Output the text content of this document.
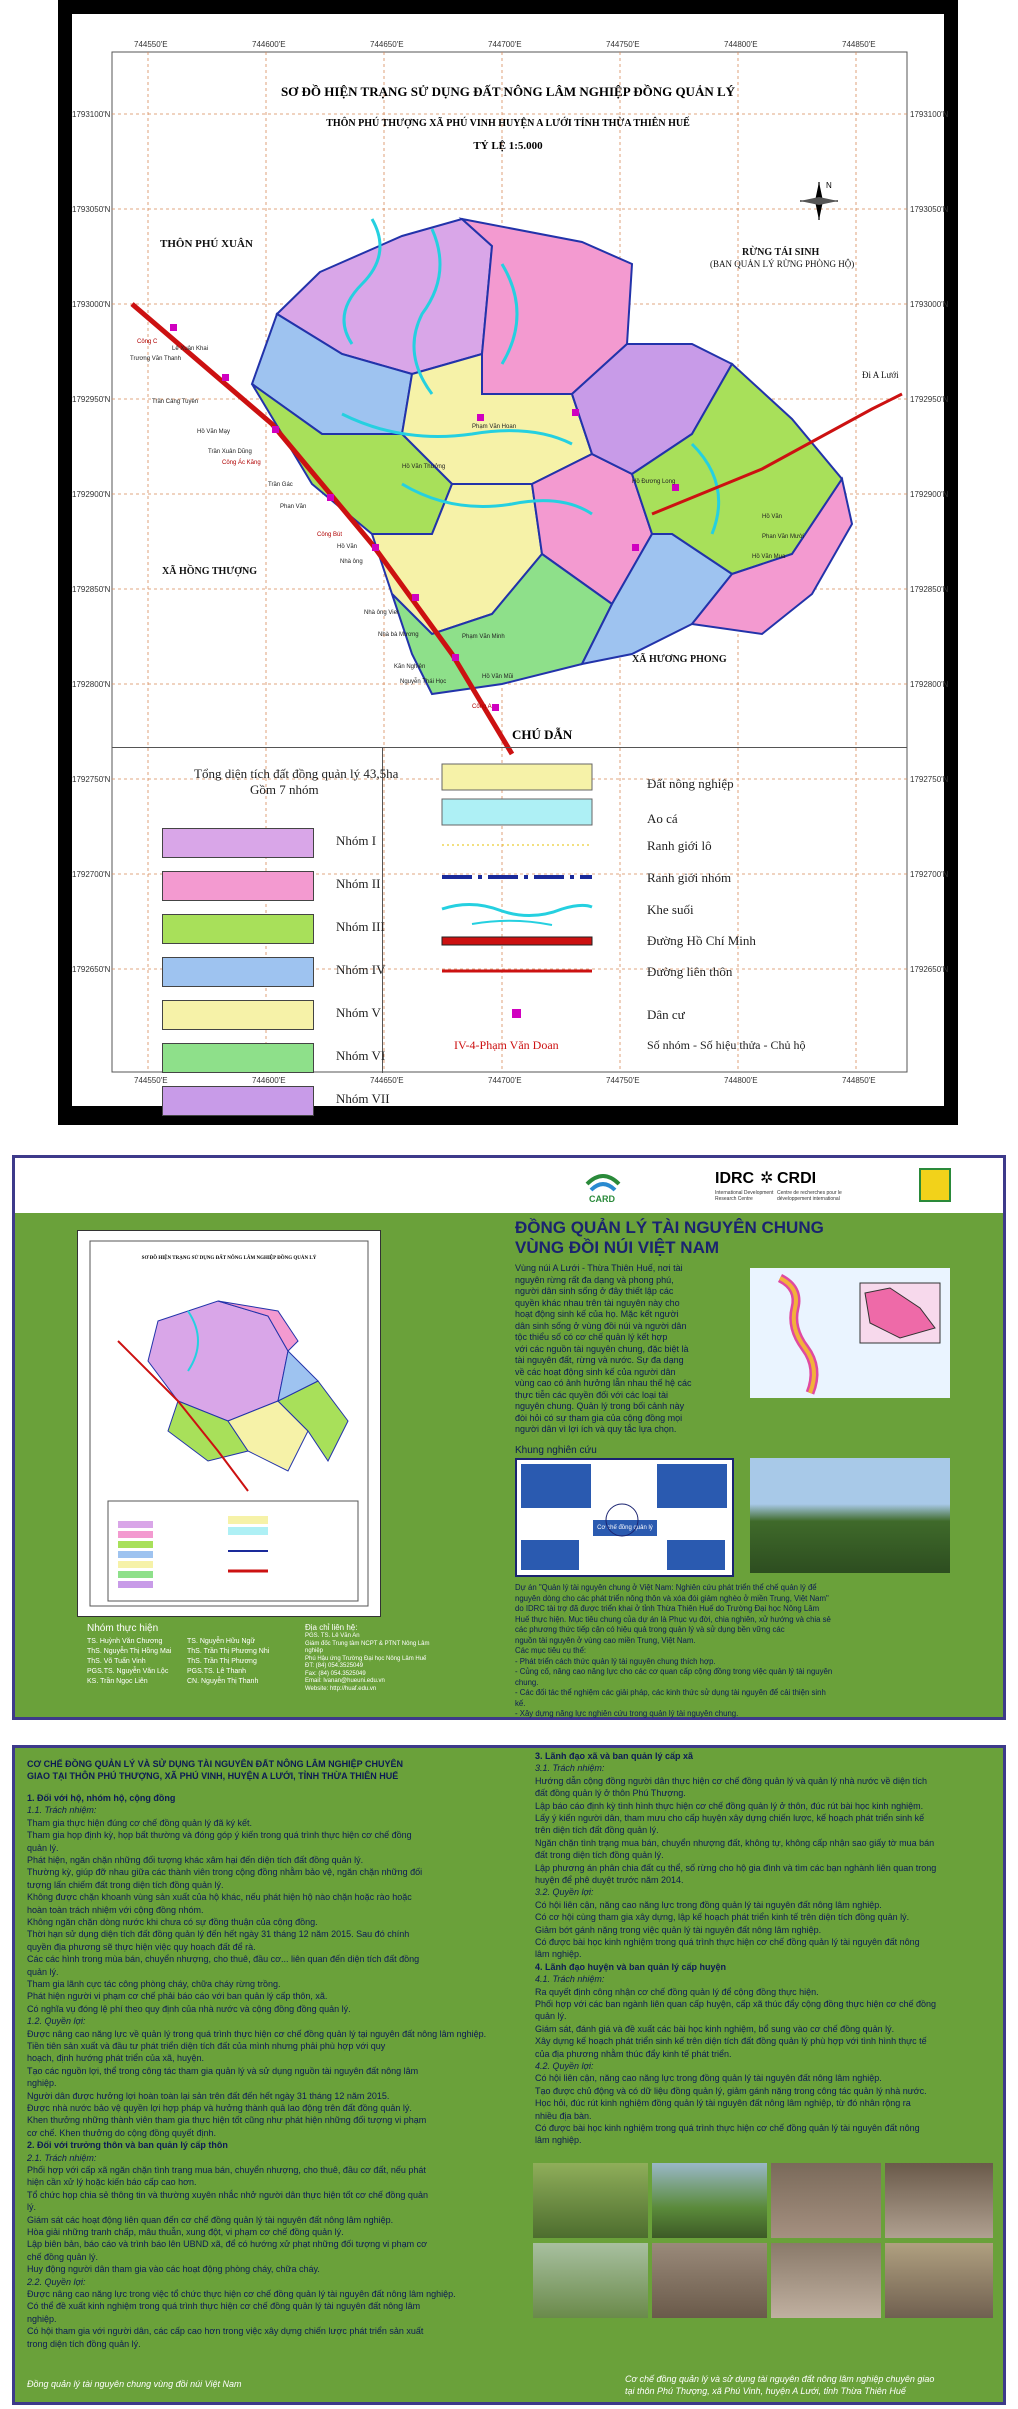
744550'E	744600'E	744650'E	744700'E	744750'E	744800'E	744850'E
744550'E	744600'E	744650'E	744700'E	744750'E	744800'E	744850'E
1793100'N
1793050'N
1793000'N
1792950'N
1792900'N
1792850'N
1792800'N
1792750'N
1792700'N
1792650'N
1793100'N
1793050'N
1793000'N
1792950'N
1792900'N
1792850'N
1792800'N
1792750'N
1792700'N
1792650'N
SƠ ĐỒ HIỆN TRẠNG SỬ DỤNG ĐẤT NÔNG LÂM NGHIỆP ĐỒNG QUẢN LÝ
THÔN PHÚ THƯỢNG XÃ PHÚ VINH HUYỆN A LƯỚI TỈNH THỪA THIÊN HUẾ
TỶ LỆ 1:5.000
N
THÔN PHÚ XUÂN
RỪNG TÁI SINH
(BAN QUẢN LÝ RỪNG PHÒNG HỘ)
XÃ HỒNG THƯỢNG
XÃ HƯƠNG PHONG
Đi A Lưới
Công C
Lê Xuân Khai
Trương Văn Thanh
Trần Cảng Tuyên
Hồ Văn Mạy
Trần Xuân Dũng
Công Ác Kăng
Trần Gác
Phan Văn
Công Bút
Hồ Văn
Nhà ông
Nhà ông Viet
Nhà bà Mương
Kăn Nghiên
Nguyễn Thái Học
Công A
Phạm Văn Hoan
Hồ Văn Thưởng
Phạm Văn Minh
Hồ Văn Mũi
Hồ Đương Long
Phan Văn Mười
Hồ Văn Mua
Hồ Văn
CHÚ DẪN
Tổng diện tích đất đồng quản lý 43,5ha
Gồm 7 nhóm
Nhóm I
Nhóm II
Nhóm III
Nhóm IV
Nhóm V
Nhóm VI
Nhóm VII
Đất nông nghiệp
Ao cá
Ranh giới lô
Ranh giới nhóm
Khe suối
Đường Hồ Chí Minh
Đường liên thôn
Dân cư
IV-4-Phạm Văn Doan	Số nhóm - Số hiệu thửa - Chủ hộ
CARD
IDRC ✲ CRDI
International Development Research Centre
Centre de recherches pour le développement international
SƠ ĐỒ HIỆN TRẠNG SỬ DỤNG ĐẤT NÔNG LÂM NGHIỆP ĐỒNG QUẢN LÝ
ĐỒNG QUẢN LÝ TÀI NGUYÊN CHUNG
VÙNG ĐỒI NÚI VIỆT NAM
Vùng núi A Lưới - Thừa Thiên Huế, nơi tài
nguyên rừng rất đa dạng và phong phú,
người dân sinh sống ở đây thiết lập các
quyền khác nhau trên tài nguyên này cho
hoạt động sinh kế của họ. Mặc kết người
dân sinh sống ở vùng đồi núi và người dân
tộc thiểu số có cơ chế quản lý kết hợp
với các nguồn tài nguyên chung, đặc biệt là
tài nguyên đất, rừng và nước. Sự đa dạng
về các hoạt động sinh kế của người dân
vùng cao có ảnh hưởng lẫn nhau thế hệ các
thực tiễn các quyền đối với các loại tài
nguyên chung. Quản lý trong bối cảnh này
đòi hỏi có sự tham gia của cộng đồng mọi
người dân vì lợi ích và quy tắc lựa chọn.
Khung nghiên cứu
Cơ chế đồng quản lý
Dự án "Quản lý tài nguyên chung ở Việt Nam: Nghiên cứu phát triển thể chế quản lý để
nguyên dòng cho các phát triển nông thôn và xóa đói giảm nghèo ở miền Trung, Việt Nam"
do IDRC tài trợ đã được triển khai ở tỉnh Thừa Thiên Huế do Trường Đại học Nông Lâm
Huế thực hiện. Mục tiêu chung của dự án là Phục vụ đời, chia nghiên, xử hướng và chia sẻ
các phương thức tiếp cận có hiệu quả trong quản lý và sử dụng bền vững các
nguồn tài nguyên ở vùng cao miền Trung, Việt Nam.
Các mục tiêu cụ thể:
- Phát triển cách thức quản lý tài nguyên chung thích hợp.
- Củng cố, nâng cao năng lực cho các cơ quan cấp cộng đồng trong việc quản lý tài nguyên
chung.
- Các đối tác thể nghiệm các giải pháp, các kinh thức sử dụng tài nguyên để cải thiện sinh
kế.
- Xây dựng năng lực nghiên cứu trong quản lý tài nguyên chung.
Nhóm thực hiện
TS. Huỳnh Văn Chương
ThS. Nguyễn Thị Hồng Mai
ThS. Võ Tuấn Vinh
PGS.TS. Nguyễn Văn Lộc
KS. Trần Ngọc Liên
TS. Nguyễn Hữu Ngữ
ThS. Trần Thị Phương Nhi
ThS. Trần Thị Phương
PGS.TS. Lê Thanh
CN. Nguyễn Thị Thanh
Địa chỉ liên hệ:
PGS. TS. Lê Văn An
Giám đốc Trung tâm NCPT & PTNT Nông Lâm
nghiệp
Phú Hậu ứng Trường Đại học Nông Lâm Huế
ĐT: (84) 054.3525049
Fax: (84) 054.3525049
Email: lvanan@hueuni.edu.vn
Website: http://huaf.edu.vn
CƠ CHẾ ĐỒNG QUẢN LÝ VÀ SỬ DỤNG TÀI NGUYÊN ĐẤT NÔNG LÂM NGHIỆP CHUYÊN
GIAO TẠI THÔN PHÚ THƯỢNG, XÃ PHÚ VINH, HUYỆN A LƯỚI, TỈNH THỪA THIÊN HUẾ
1. Đối với hộ, nhóm hộ, cộng đồng
1.1. Trách nhiệm:
Tham gia thực hiện đúng cơ chế đồng quản lý đã ký kết.
Tham gia họp định kỳ, họp bất thường và đóng góp ý kiến trong quá trình thực hiện cơ chế đồng
quản lý.
Phát hiện, ngăn chặn những đối tượng khác xâm hại đến diện tích đất đồng quản lý.
Thường kỳ, giúp đỡ nhau giữa các thành viên trong cộng đồng nhằm bảo vệ, ngăn chặn những đối
tượng lấn chiếm đất trong diện tích đồng quản lý.
Không được chặn khoanh vùng sản xuất của hộ khác, nếu phát hiện hộ nào chặn hoặc rào hoặc
hoàn toàn trách nhiệm với cộng đồng nhóm.
Không ngăn chặn dòng nước khi chưa có sự đồng thuận của cộng đồng.
Thời hạn sử dụng diện tích đất đồng quản lý đến hết ngày 31 tháng 12 năm 2015. Sau đó chính
quyền địa phương sẽ thực hiện việc quy hoạch đất để rà.
Các các hình trong mùa bán, chuyển nhượng, cho thuê, đầu cơ... liên quan đến diện tích đất đồng
quản lý.
Tham gia lãnh cực tác công phòng cháy, chữa cháy rừng trồng.
Phát hiện người vi phạm cơ chế phải báo cáo với ban quản lý cấp thôn, xã.
Có nghĩa vụ đóng lệ phí theo quy định của nhà nước và cộng đồng đồng quản lý.
1.2. Quyền lợi:
Được nâng cao năng lực về quản lý trong quá trình thực hiện cơ chế đồng quản lý tại nguyên đất nông lâm nghiệp.
Tiền tiên sản xuất và đầu tư phát triển diện tích đất của mình nhưng phải phù hợp với quy
hoạch, định hướng phát triển của xã, huyện.
Tạo các nguồn lợi, thể trong công tác tham gia quản lý và sử dụng nguồn tài nguyên đất nông lâm
nghiệp.
Người dân được hưởng lợi hoàn toàn lại sản trên đất đến hết ngày 31 tháng 12 năm 2015.
Được nhà nước bảo vệ quyền lợi hợp pháp và hưởng thành quả lao động trên đất đồng quản lý.
Khen thưởng những thành viên tham gia thực hiện tốt cũng như phát hiện những đối tượng vi phạm
cơ chế. Khen thưởng do cộng đồng quyết định.
2. Đối với trưởng thôn và ban quản lý cấp thôn
2.1. Trách nhiệm:
Phối hợp với cấp xã ngăn chặn tình trạng mua bán, chuyển nhượng, cho thuê, đầu cơ đất, nếu phát
hiện cần xử lý hoặc kiến báo cấp cao hơn.
Tổ chức họp chia sẻ thông tin và thường xuyên nhắc nhở người dân thực hiện tốt cơ chế đồng quản
lý.
Giám sát các hoạt động liên quan đến cơ chế đồng quản lý tài nguyên đất nông lâm nghiệp.
Hòa giải những tranh chấp, mâu thuẫn, xung đột, vi phạm cơ chế đồng quản lý.
Lập biên bản, báo cáo và trình báo lên UBND xã, để có hướng xử phạt những đối tượng vi phạm cơ
chế đồng quản lý.
Huy động người dân tham gia vào các hoạt động phòng cháy, chữa cháy.
2.2. Quyền lợi:
Được nâng cao năng lực trong việc tổ chức thực hiện cơ chế đồng quản lý tài nguyên đất nông lâm nghiệp.
Có thể đề xuất kinh nghiệm trong quá trình thực hiện cơ chế đồng quản lý tài nguyên đất nông lâm
nghiệp.
Có hội tham gia với người dân, các cấp cao hơn trong việc xây dựng chiến lược phát triển sản xuất
trong diện tích đồng quản lý.
3. Lãnh đạo xã và ban quản lý cấp xã
3.1. Trách nhiệm:
Hướng dẫn cộng đồng người dân thực hiện cơ chế đồng quản lý và quản lý nhà nước về diện tích
đất đồng quản lý ở thôn Phú Thượng.
Lập báo cáo định kỳ tình hình thực hiện cơ chế đồng quản lý ở thôn, đúc rút bài học kinh nghiệm.
Lấy ý kiến người dân, tham mưu cho cấp huyện xây dựng chiến lược, kế hoạch phát triển sinh kế
trên diện tích đất đồng quản lý.
Ngăn chặn tình trạng mua bán, chuyển nhượng đất, không tự, không cấp nhận sao giấy tờ mua bán
đất trong diện tích đồng quản lý.
Lập phương án phân chia đất cụ thể, số rừng cho hộ gia đình và tìm các bạn nghành liên quan trong
huyện để phê duyệt trước năm 2014.
3.2. Quyền lợi:
Có hội liên cận, năng cao năng lực trong đồng quản lý tài nguyên đất nông lâm nghiệp.
Có cơ hội cùng tham gia xây dựng, lập kế hoạch phát triển kinh tế trên diện tích đồng quản lý.
Giảm bớt gánh nặng trong việc quản lý tài nguyên đất nông lâm nghiệp.
Có được bài học kinh nghiệm trong quá trình thực hiện cơ chế đồng quản lý tài nguyên đất nông
lâm nghiệp.
4. Lãnh đạo huyện và ban quản lý cấp huyện
4.1. Trách nhiệm:
Ra quyết định công nhận cơ chế đồng quản lý để cộng đồng thực hiện.
Phối hợp với các ban ngành liên quan cấp huyện, cấp xã thúc đẩy cộng đồng thực hiện cơ chế đồng
quản lý.
Giám sát, đánh giá và đề xuất các bài học kinh nghiệm, bổ sung vào cơ chế đồng quản lý.
Xây dựng kế hoạch phát triển sinh kế trên diện tích đất đồng quản lý phù hợp với tình hình thực tế
của địa phương nhằm thúc đẩy kinh tế phát triển.
4.2. Quyền lợi:
Có hội liên cận, năng cao năng lực trong đồng quản lý tài nguyên đất nông lâm nghiệp.
Tạo được chủ động và có dữ liệu đồng quản lý, giảm gánh nặng trong công tác quản lý nhà nước.
Học hỏi, đúc rút kinh nghiệm đồng quản lý tài nguyên đất nông lâm nghiệp, từ đó nhân rộng ra
nhiều địa bàn.
Có được bài học kinh nghiệm trong quá trình thực hiện cơ chế đồng quản lý tài nguyên đất nông
lâm nghiệp.
Đồng quản lý tài nguyên chung vùng đồi núi Việt Nam	Cơ chế đồng quản lý và sử dụng tài nguyên đất nông lâm nghiệp chuyên giao
tại thôn Phú Thượng, xã Phú Vinh, huyện A Lưới, tỉnh Thừa Thiên Huế
